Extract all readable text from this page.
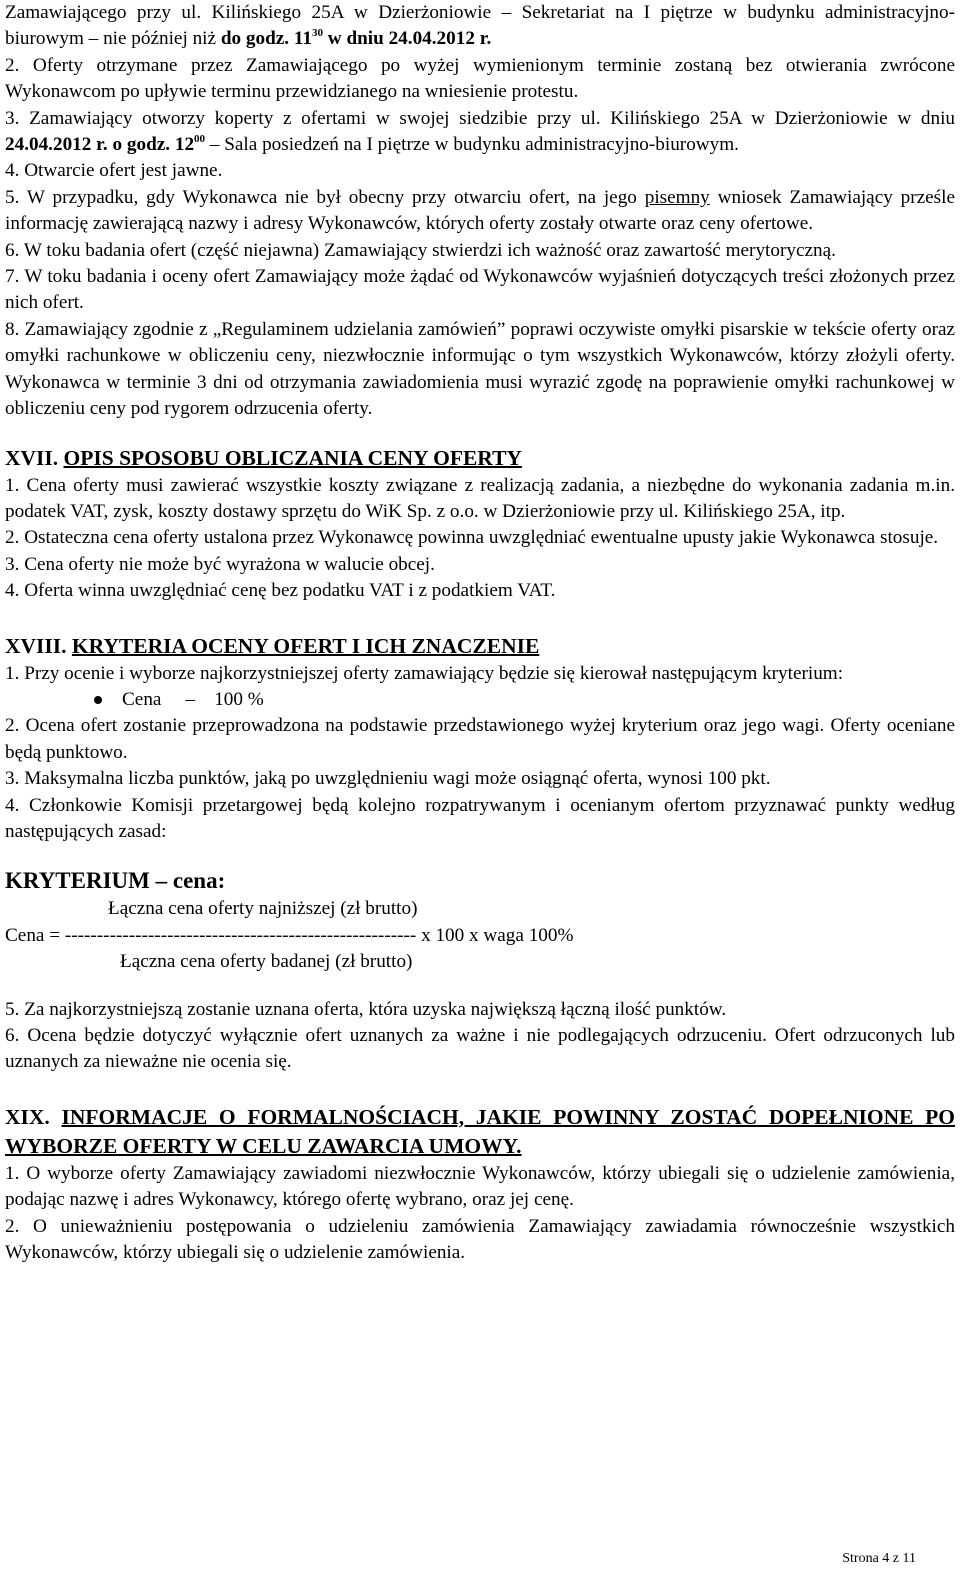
Zamawiającego przy ul. Kilińskiego 25A w Dzierżoniowie – Sekretariat na I piętrze w budynku administracyjno-biurowym – nie później niż do godz. $11^{30}$ w dniu 24.04.2012 r.

2. Oferty otrzymane przez Zamawiającego po wyżej wymienionym terminie zostaną bez otwierania zwrócone Wykonawcom po upływie terminu przewidzianego na wniesienie protestu.

3. Zamawiający otworzy koperty z ofertami w swojej siedzibie przy ul. Kilińskiego 25A w Dzierżoniowie w dniu 24.04.2012 r. o godz. $12^{00}$ – Sala posiedzeń na I piętrze w budynku administracyjno-biurowym.

4. Otwarcie ofert jest jawne.

5. W przypadku, gdy Wykonawca nie był obecny przy otwarciu ofert, na jego pisemny wniosek Zamawiający prześle informację zawierającą nazwy i adresy Wykonawców, których oferty zostały otwarte oraz ceny ofertowe.

6. W toku badania ofert (część niejawna) Zamawiający stwierdzi ich ważność oraz zawartość merytoryczną.

7. W toku badania i oceny ofert Zamawiający może żądać od Wykonawców wyjaśnień dotyczących treści złożonych przez nich ofert.

8. Zamawiający zgodnie z „Regulaminem udzielania zamówień” poprawi oczywiste omyłki pisarskie w tekście oferty oraz omyłki rachunkowe w obliczeniu ceny, niezwłocznie informując o tym wszystkich Wykonawców, którzy złożyli oferty. Wykonawca w terminie 3 dni od otrzymania zawiadomienia musi wyrazić zgodę na poprawienie omyłki rachunkowej w obliczeniu ceny pod rygorem odrzucenia oferty.

XVII. OPIS SPOSOBU OBLICZANIA CENY OFERTY

1. Cena oferty musi zawierać wszystkie koszty związane z realizacją zadania, a niezbędne do wykonania zadania m.in. podatek VAT, zysk, koszty dostawy sprzętu do WiK Sp. z o.o. w Dzierżoniowie przy ul. Kilińskiego 25A, itp.

2. Ostateczna cena oferty ustalona przez Wykonawcę powinna uwzględniać ewentualne upusty jakie Wykonawca stosuje.

3. Cena oferty nie może być wyrażona w walucie obcej.

4. Oferta winna uwzględniać cenę bez podatku VAT i z podatkiem VAT.

XVIII. KRYTERIA OCENY OFERT I ICH ZNACZENIE

1. Przy ocenie i wyborze najkorzystniejszej oferty zamawiający będzie się kierował następującym kryterium:

Cena     –    100 %

2. Ocena ofert zostanie przeprowadzona na podstawie przedstawionego wyżej kryterium oraz jego wagi. Oferty oceniane będą punktowo.

3. Maksymalna liczba punktów, jaką po uwzględnieniu wagi może osiągnąć oferta, wynosi 100 pkt.

4. Członkowie Komisji przetargowej będą kolejno rozpatrywanym i ocenianym ofertom przyznawać punkty według następujących zasad:

KRYTERIUM – cena:
Łączna cena oferty najniższej (zł brutto)
Cena = ------------------------------------------------------- x 100 x waga 100%
Łączna cena oferty badanej (zł brutto)

5. Za najkorzystniejszą zostanie uznana oferta, która uzyska największą łączną ilość punktów.

6. Ocena będzie dotyczyć wyłącznie ofert uznanych za ważne i nie podlegających odrzuceniu. Ofert odrzuconych lub uznanych za nieważne nie ocenia się.

XIX. INFORMACJE O FORMALNOŚCIACH, JAKIE POWINNY ZOSTAĆ DOPEŁNIONE PO WYBORZE OFERTY W CELU ZAWARCIA UMOWY.

1. O wyborze oferty Zamawiający zawiadomi niezwłocznie Wykonawców, którzy ubiegali się o udzielenie zamówienia, podając nazwę i adres Wykonawcy, którego ofertę wybrano, oraz jej cenę.

2. O unieważnieniu postępowania o udzieleniu zamówienia Zamawiający zawiadamia równocześnie wszystkich Wykonawców, którzy ubiegali się o udzielenie zamówienia.

Strona 4 z 11
